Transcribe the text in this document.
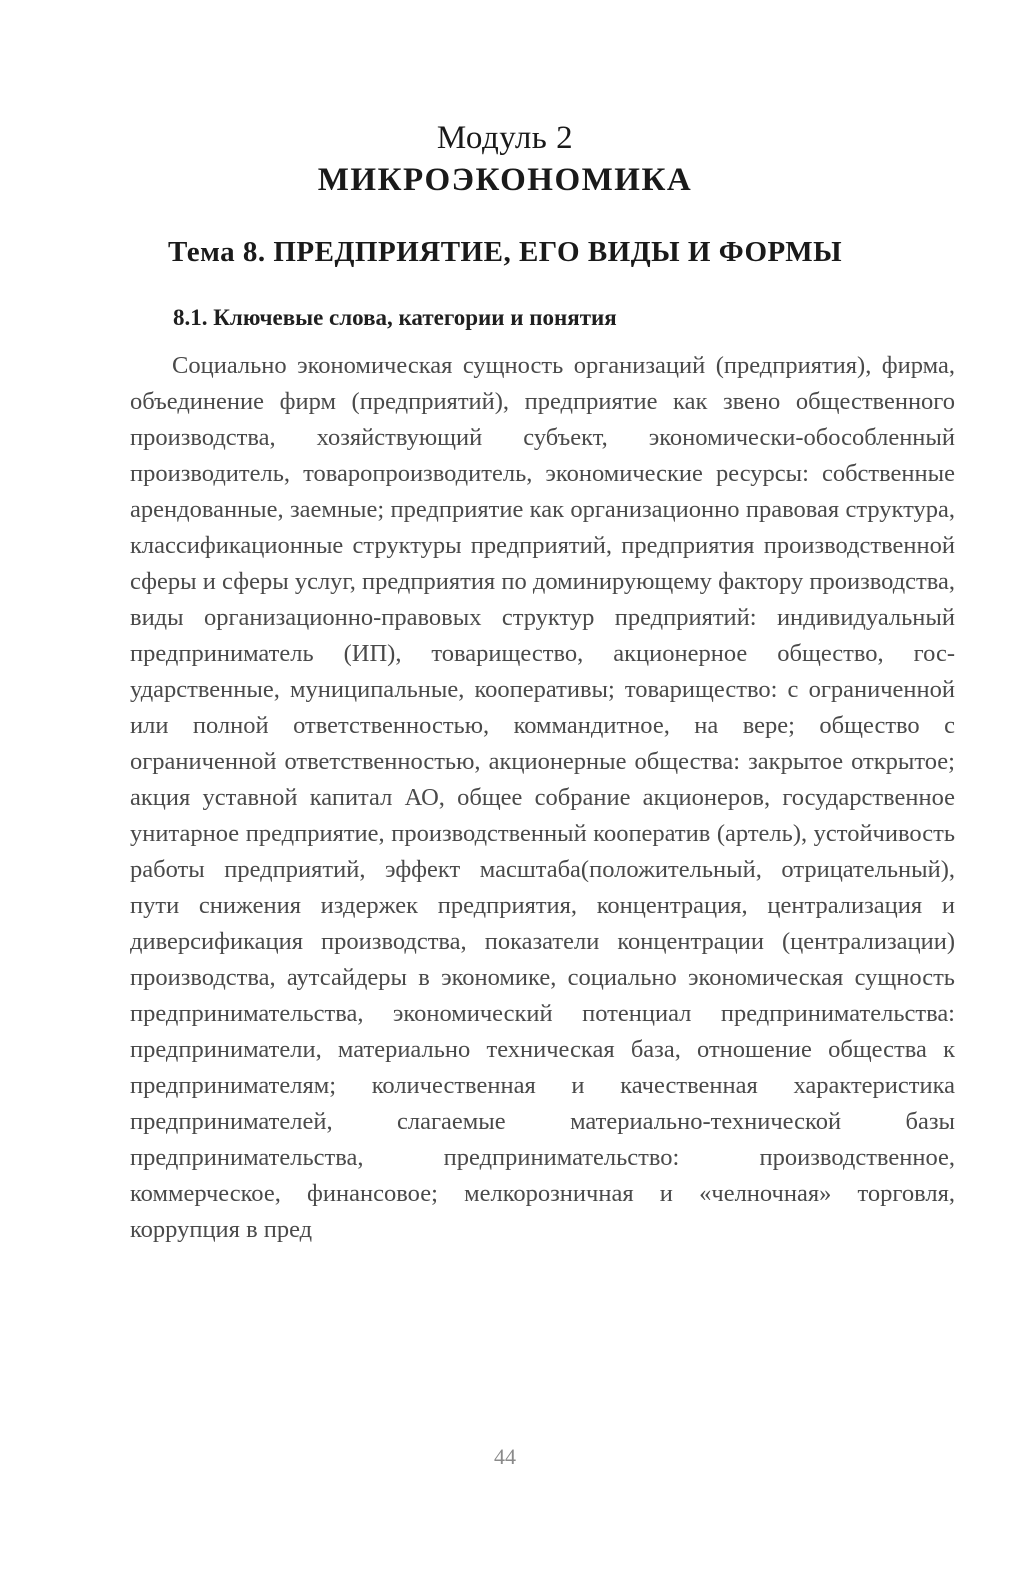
Модуль 2
МИКРОЭКОНОМИКА
Тема 8. ПРЕДПРИЯТИЕ, ЕГО ВИДЫ И ФОРМЫ
8.1. Ключевые слова, категории и понятия

Социально экономическая сущность организаций (предприятия), фирма, объединение фирм (предприятий), предприятие как звено общественного производства, хозяйствующий субъект, экономически-обособленный производитель, товаропроизводитель, экономические ресурсы: собственные арендованные, заемные; предприятие как организационно правовая структура, классификационные структуры предприятий, предприятия производственной сферы и сферы услуг, предприятия по доминирующему фактору производства, виды организационно-правовых структур предприятий: индивидуальный предприниматель (ИП), товарищество, акционерное общество, государственные, муниципальные, кооперативы; товарищество: с ограниченной или полной ответственностью, коммандитное, на вере; общество с ограниченной ответственностью, акционерные общества: закрытое открытое; акция уставной капитал АО, общее собрание акционеров, государственное унитарное предприятие, производственный кооператив (артель), устойчивость работы предприятий, эффект масштаба(положительный, отрицательный), пути снижения издержек предприятия, концентрация, централизация и диверсификация производства, показатели концентрации (централизации) производства, аутсайдеры в экономике, социально экономическая сущность предпринимательства, экономический потенциал предпринимательства: предприниматели, материально техническая база, отношение общества к предпринимателям; количественная и качественная характеристика предпринимателей, слагаемые материально-технической базы предпринимательства, предпринимательство: производственное, коммерческое, финансовое; мелкорозничная и «челночная» торговля, коррупция в пред

44
